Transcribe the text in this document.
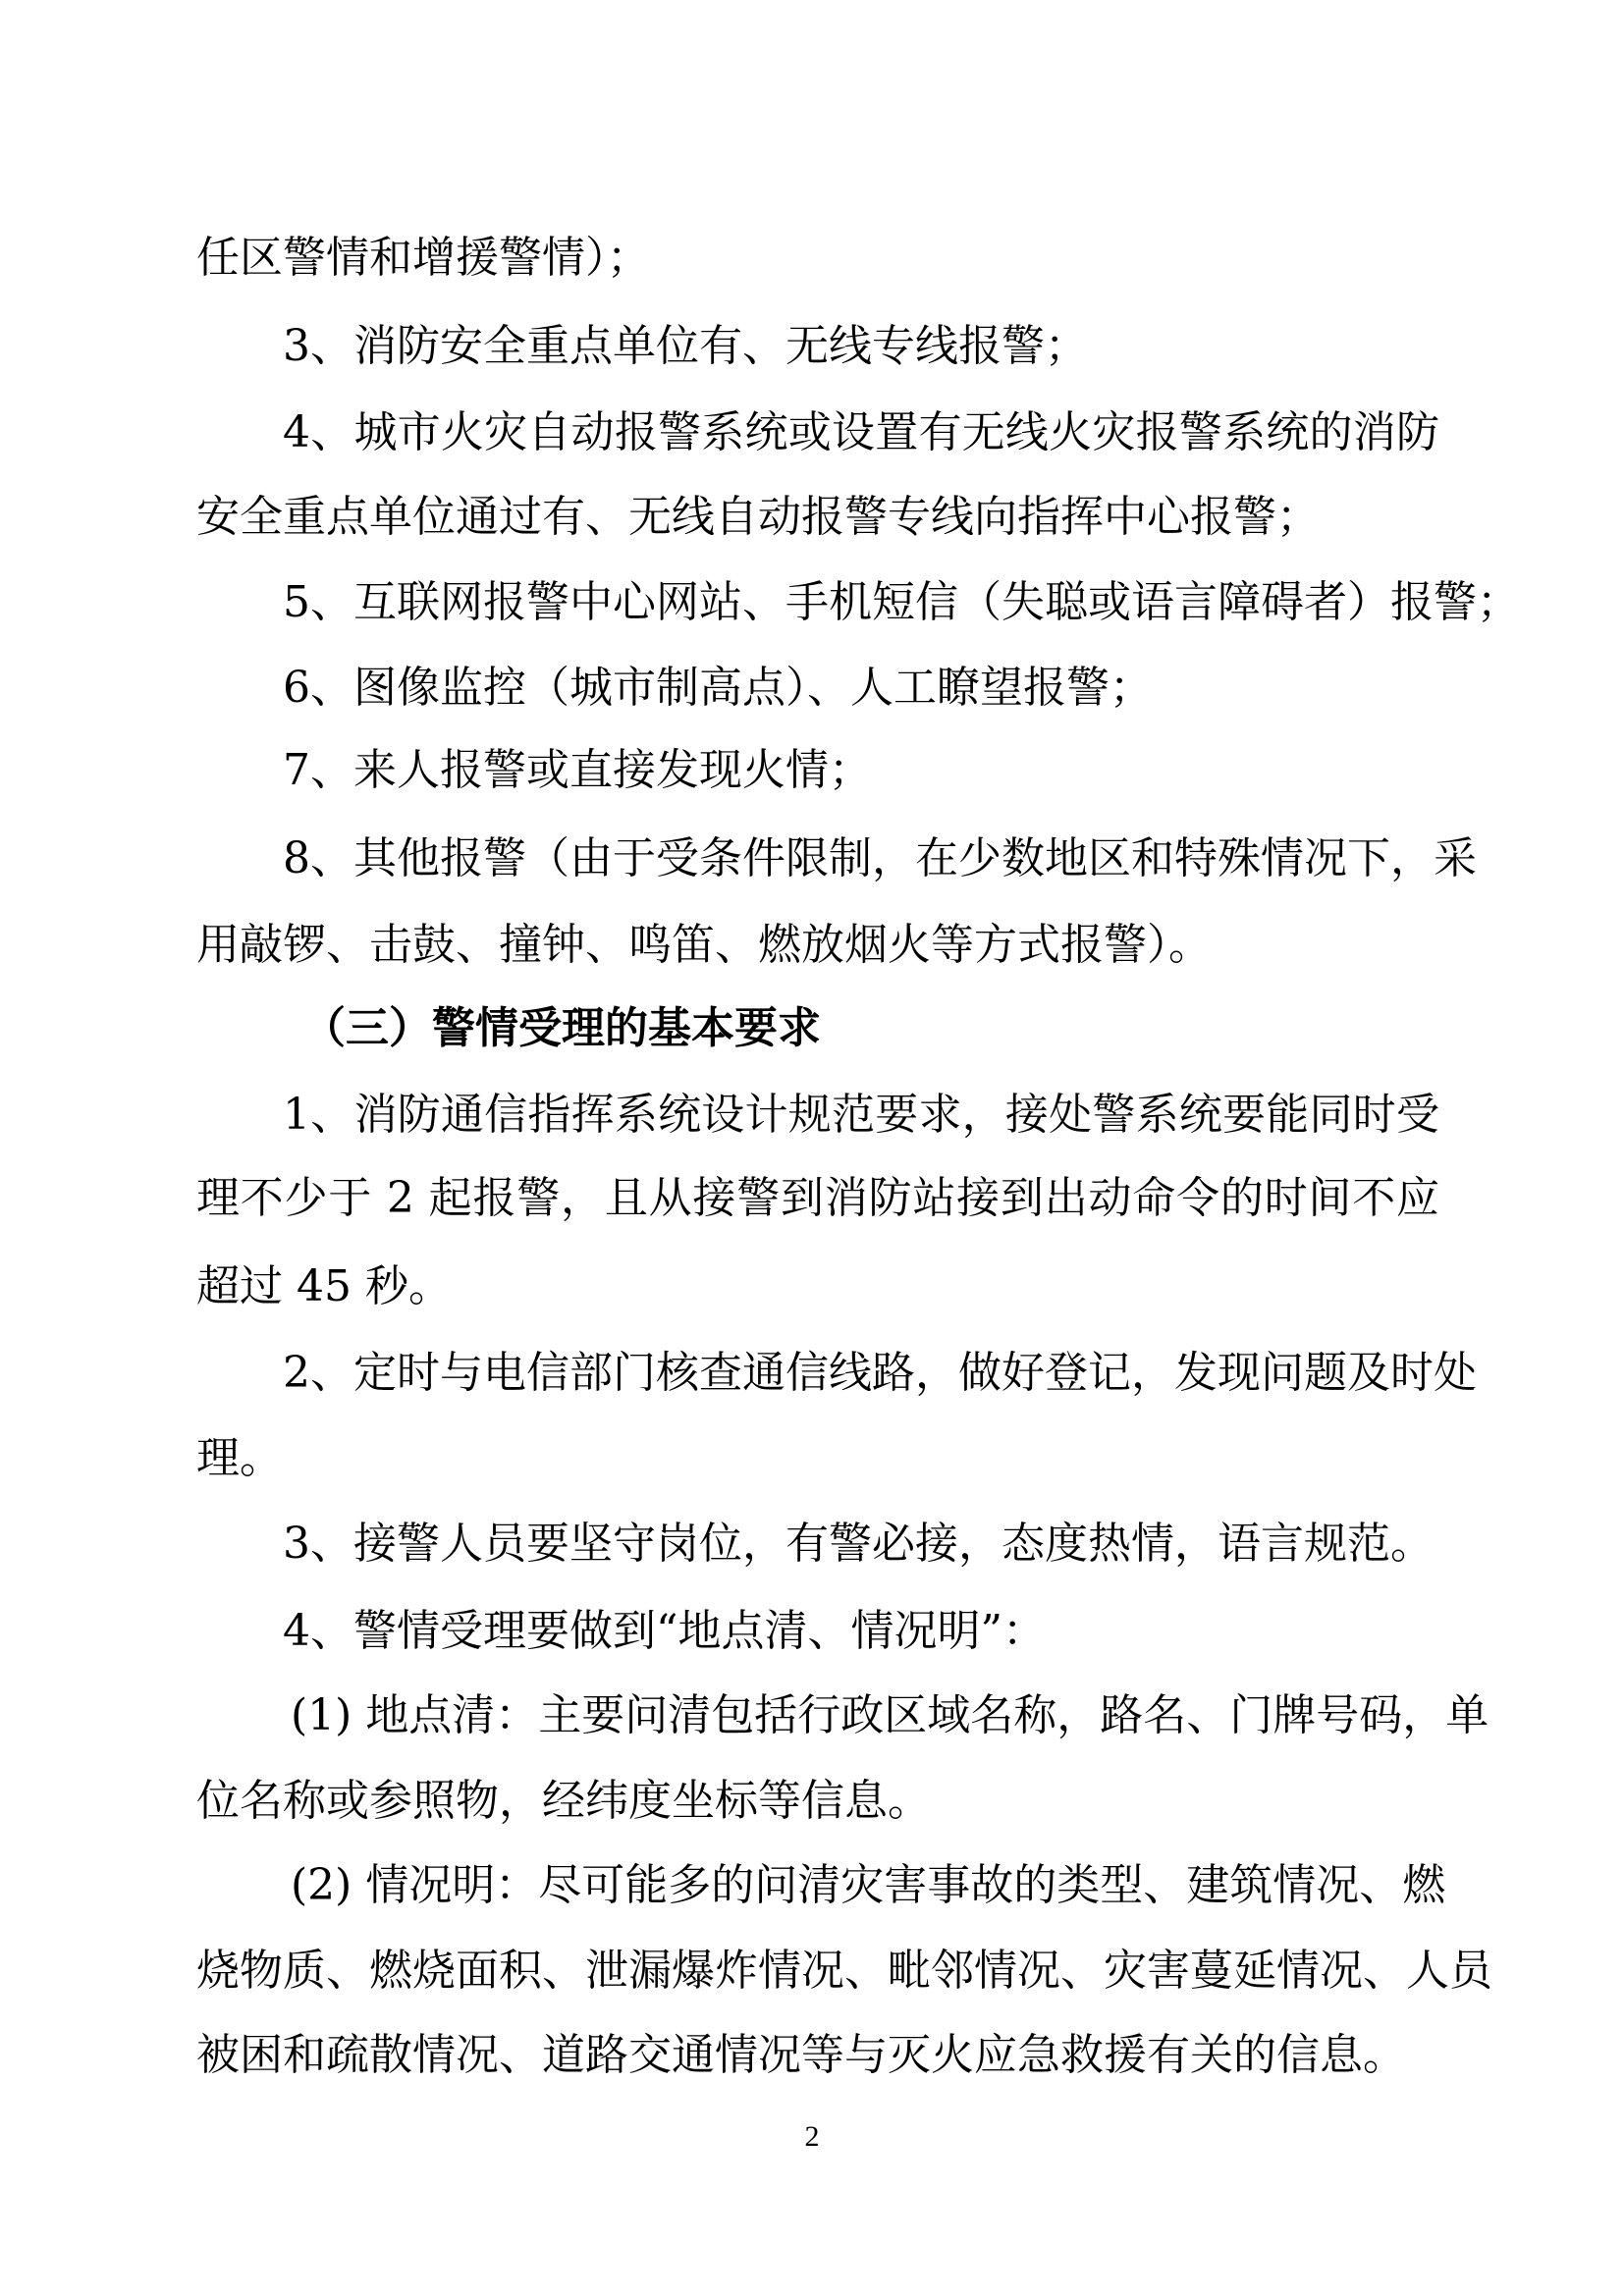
任区警情和增援警情）；
3、消防安全重点单位有、无线专线报警；
4、城市火灾自动报警系统或设置有无线火灾报警系统的消防
安全重点单位通过有、无线自动报警专线向指挥中心报警；
5、互联网报警中心网站、手机短信（失聪或语言障碍者）报警；
6、图像监控（城市制高点）、人工瞭望报警；
7、来人报警或直接发现火情；
8、其他报警（由于受条件限制，在少数地区和特殊情况下，采
用敲锣、击鼓、撞钟、鸣笛、燃放烟火等方式报警）。
（三）警情受理的基本要求
1、消防通信指挥系统设计规范要求，接处警系统要能同时受
理不少于 2 起报警，且从接警到消防站接到出动命令的时间不应
超过 45 秒。
2、定时与电信部门核查通信线路，做好登记，发现问题及时处
理。
3、接警人员要坚守岗位，有警必接，态度热情，语言规范。
4、警情受理要做到“地点清、情况明”：
(1) 地点清：主要问清包括行政区域名称，路名、门牌号码，单
位名称或参照物，经纬度坐标等信息。
(2) 情况明：尽可能多的问清灾害事故的类型、建筑情况、燃
烧物质、燃烧面积、泄漏爆炸情况、毗邻情况、灾害蔓延情况、人员
被困和疏散情况、道路交通情况等与灭火应急救援有关的信息。
2
